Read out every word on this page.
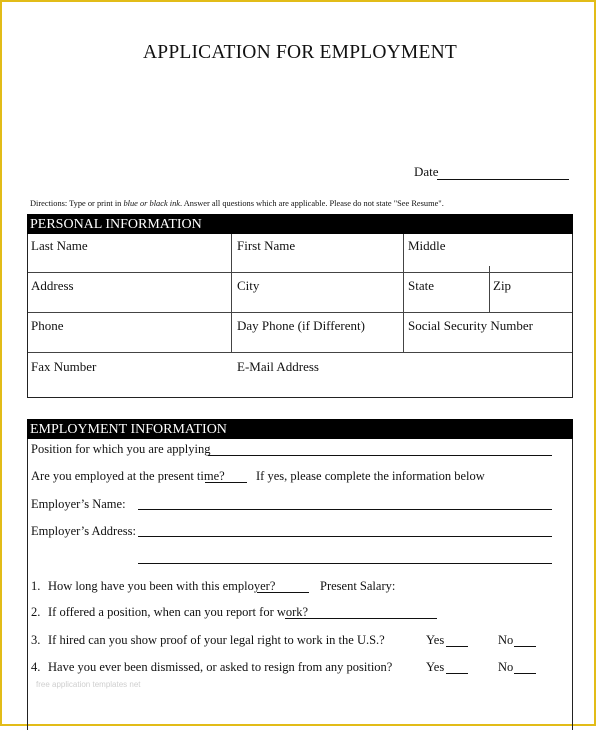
APPLICATION FOR EMPLOYMENT
Date
Directions: Type or print in blue or black ink. Answer all questions which are applicable. Please do not state "See Resume".
PERSONAL INFORMATION
Last Name	First Name	Middle
Address	City	State	Zip
Phone	Day Phone (if Different)	Social Security Number
Fax Number	E-Mail Address
EMPLOYMENT INFORMATION
Position for which you are applying
Are you employed at the present time?	If yes, please complete the information below
Employer’s Name:
Employer’s Address:
1. How long have you been with this employer?	Present Salary:
2. If offered a position, when can you report for work?
3. If hired can you show proof of your legal right to work in the U.S.?	Yes	No
4. Have you ever been dismissed, or asked to resign from any position?	Yes	No
free application templates net
